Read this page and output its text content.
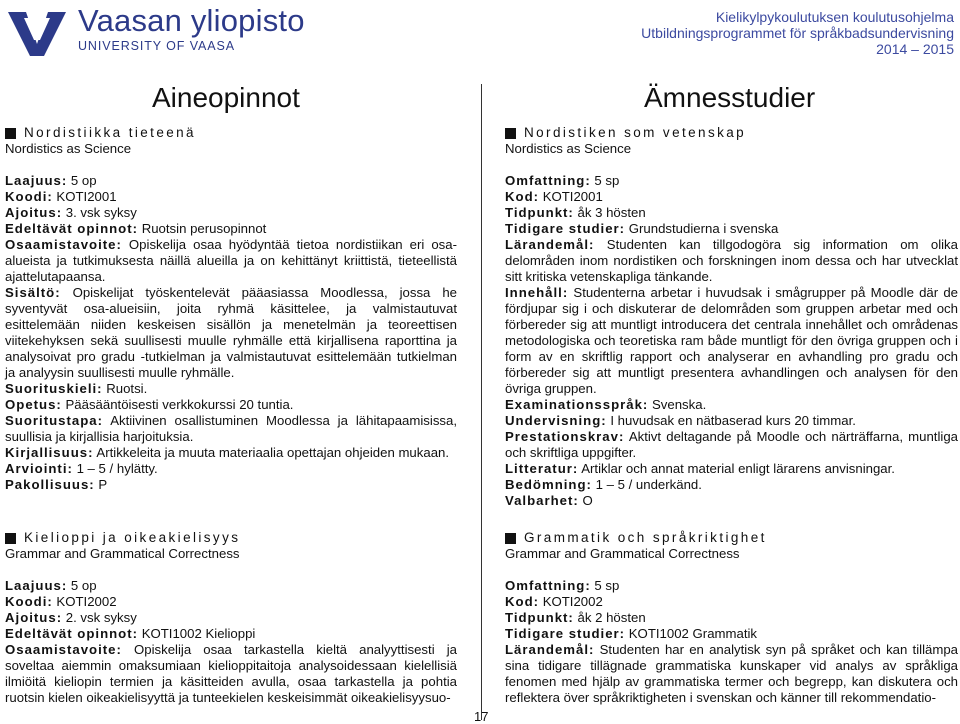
Vaasan yliopisto
UNIVERSITY OF VAASA
Kielikylpykoulutuksen koulutusohjelma
Utbildningsprogrammet för språkbadsundervisning
2014 – 2015
Aineopinnot	Ämnesstudier
Nordistiikka tieteenä
Nordistics as Science
Laajuus: 5 op
Koodi: KOTI2001
Ajoitus: 3. vsk syksy
Edeltävät opinnot: Ruotsin perusopinnot
Osaamistavoite: Opiskelija osaa hyödyntää tietoa nordistiikan eri osa-alueista ja tutkimuksesta näillä alueilla ja on kehittänyt kriittistä, tieteellistä ajattelutapaansa.
Sisältö: Opiskelijat työskentelevät pääasiassa Moodlessa, jossa he syventyvät osa-alueisiin, joita ryhmä käsittelee, ja valmistautuvat esittelemään niiden keskeisen sisällön ja menetelmän ja teoreettisen viitekehyksen sekä suullisesti muulle ryhmälle että kirjallisena raporttina ja analysoivat pro gradu -tutkielman ja valmistautuvat esittelemään tutkielman ja analyysin suullisesti muulle ryhmälle.
Suorituskieli: Ruotsi.
Opetus: Pääsääntöisesti verkkokurssi 20 tuntia.
Suoritustapa: Aktiivinen osallistuminen Moodlessa ja lähitapaamisissa, suullisia ja kirjallisia harjoituksia.
Kirjallisuus: Artikkeleita ja muuta materiaalia opettajan ohjeiden mukaan.
Arviointi: 1 – 5 / hylätty.
Pakollisuus: P
Kielioppi ja oikeakielisyys
Grammar and Grammatical Correctness
Laajuus: 5 op
Koodi: KOTI2002
Ajoitus: 2. vsk syksy
Edeltävät opinnot: KOTI1002 Kielioppi
Osaamistavoite: Opiskelija osaa tarkastella kieltä analyyttisesti ja soveltaa aiemmin omaksumiaan kielioppitaitoja analysoidessaan kielellisiä ilmiöitä kieliopin termien ja käsitteiden avulla, osaa tarkastella ja pohtia ruotsin kielen oikeakielisyyttä ja tunteekielen keskeisimmät oikeakielisyysuo-
Nordistiken som vetenskap
Nordistics as Science
Omfattning: 5 sp
Kod: KOTI2001
Tidpunkt: åk 3 hösten
Tidigare studier: Grundstudierna i svenska
Lärandemål: Studenten kan tillgodogöra sig information om olika delområden inom nordistiken och forskningen inom dessa och har utvecklat sitt kritiska vetenskapliga tänkande.
Innehåll: Studenterna arbetar i huvudsak i smågrupper på Moodle där de fördjupar sig i och diskuterar de delområden som gruppen arbetar med och förbereder sig att muntligt introducera det centrala innehållet och områdenas metodologiska och teoretiska ram både muntligt för den övriga gruppen och i form av en skriftlig rapport och analyserar en avhandling pro gradu och förbereder sig att muntligt presentera avhandlingen och analysen för den övriga gruppen.
Examinationsspråk: Svenska.
Undervisning: I huvudsak en nätbaserad kurs 20 timmar.
Prestationskrav: Aktivt deltagande på Moodle och närträffarna, muntliga och skriftliga uppgifter.
Litteratur: Artiklar och annat material enligt lärarens anvisningar.
Bedömning: 1 – 5 / underkänd.
Valbarhet: O
Grammatik och språkriktighet
Grammar and Grammatical Correctness
Omfattning: 5 sp
Kod: KOTI2002
Tidpunkt: åk 2 hösten
Tidigare studier: KOTI1002 Grammatik
Lärandemål: Studenten har en analytisk syn på språket och kan tillämpa sina tidigare tillägnade grammatiska kunskaper vid analys av språkliga fenomen med hjälp av grammatiska termer och begrepp, kan diskutera och reflektera över språkriktigheten i svenskan och känner till rekommendatio-
17
